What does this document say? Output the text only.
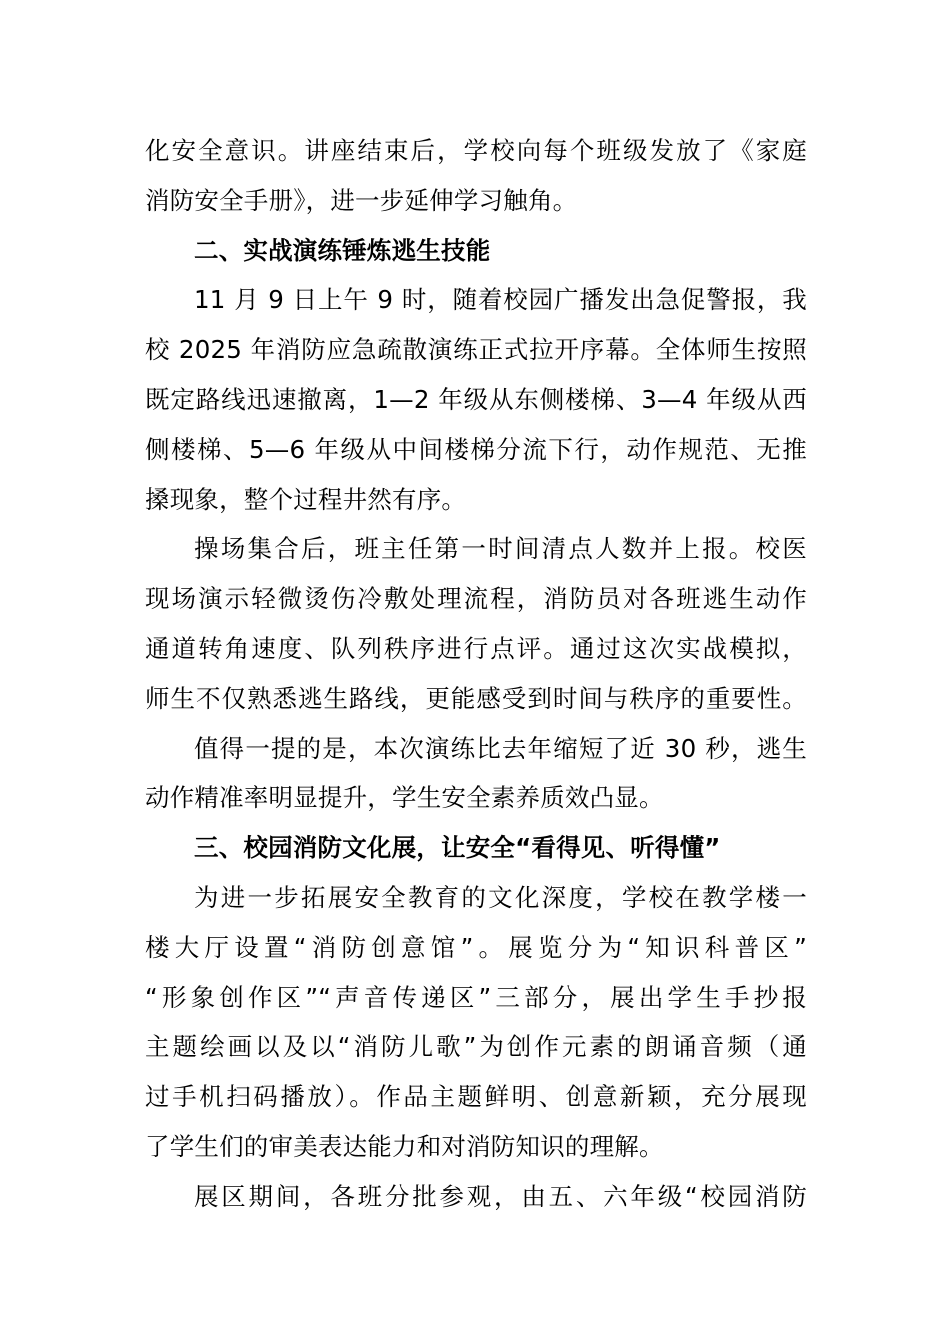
化安全意识。讲座结束后，学校向每个班级发放了《家庭
消防安全手册》，进一步延伸学习触角。
二、实战演练锤炼逃生技能
11 月 9 日上午 9 时，随着校园广播发出急促警报，我
校 2025 年消防应急疏散演练正式拉开序幕。全体师生按照
既定路线迅速撤离，1—2 年级从东侧楼梯、3—4 年级从西
侧楼梯、5—6 年级从中间楼梯分流下行，动作规范、无推
搡现象，整个过程井然有序。
操场集合后，班主任第一时间清点人数并上报。校医
现场演示轻微烫伤冷敷处理流程，消防员对各班逃生动作
通道转角速度、队列秩序进行点评。通过这次实战模拟，
师生不仅熟悉逃生路线，更能感受到时间与秩序的重要性。
值得一提的是，本次演练比去年缩短了近 30 秒，逃生
动作精准率明显提升，学生安全素养质效凸显。
三、校园消防文化展，让安全“看得见、听得懂”
为进一步拓展安全教育的文化深度，学校在教学楼一
楼大厅设置“消防创意馆”。展览分为“知识科普区”
“形象创作区”“声音传递区”三部分，展出学生手抄报
主题绘画以及以“消防儿歌”为创作元素的朗诵音频（通
过手机扫码播放）。作品主题鲜明、创意新颖，充分展现
了学生们的审美表达能力和对消防知识的理解。
展区期间，各班分批参观，由五、六年级“校园消防
